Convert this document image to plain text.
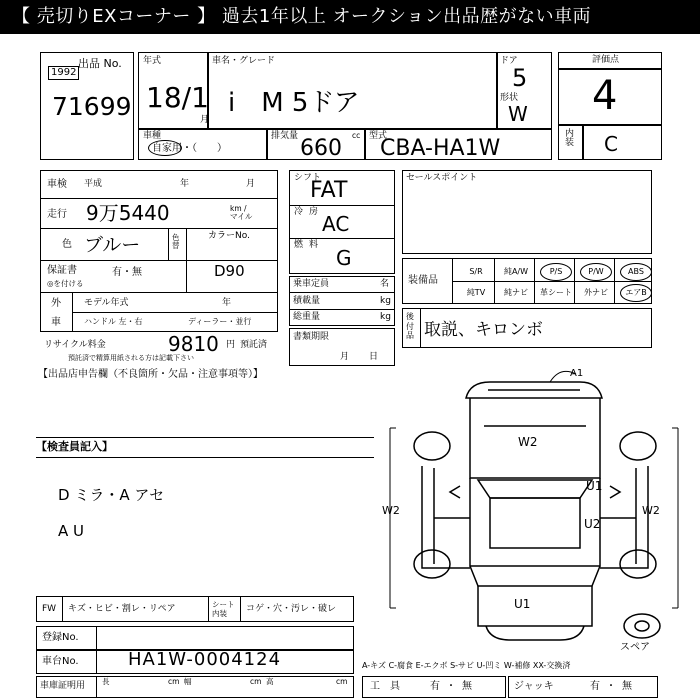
【 売切りEXコーナー 】 過去1年以上 オークション出品歴がない車両
出品 No.
1992
71699
年式
18/1
月
車名・グレード
i　M 5ドア
ドア
5
形状
W
車種
自家用・（　　）
排気量	cc
660	型式
CBA-HA1W
評価点
4
内装 C
車検 平成	年	月
走行 9万5440	km / マイル
色 ブルー	色替
カラーNo.
保証書
◎を付ける
有・無	D90
外
車
モデル年式	年
ハンドル 左・右	ディーラー・並行
リサイクル料金	9810 円 預託済
預託済で精算用紙される方は記載下さい
シフト
FAT
冷房
AC
燃料
G
乗車定員	名
積載量	kg
総重量	kg
書類期限
月日
セールスポイント
装備品
S/R	純A/W	P/S	P/W	ABS
純TV	純ナビ	革シート	外ナビ	エアB
後付品 取説、キロンボ
【出品店申告欄（不良箇所・欠品・注意事項等）】
【検査員記入】
D ミラ・A アセ
A U
A1
W2
U1
U2
W2	W2
U1
スペア
FW キズ・ヒビ・割レ・リペア	シート内装	コゲ・穴・汚レ・破レ
登録No.
車台No.	HA1W-0004124
車庫証明用 長	cm 幅	cm 高	cm
A-キズ C-腐食 E-エクボ S-サビ U-凹ミ W-補修 XX-交換済
工　具	有・無	ジャッキ	有・無
